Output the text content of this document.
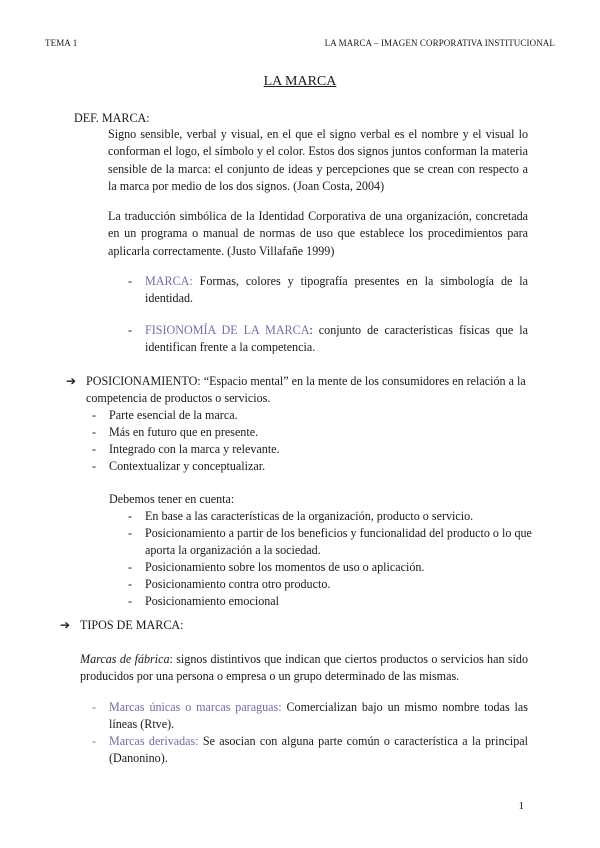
TEMA 1	LA MARCA – IMAGEN CORPORATIVA INSTITUCIONAL
LA MARCA
DEF. MARCA:
Signo sensible, verbal y visual, en el que el signo verbal es el nombre y el visual lo conforman el logo, el símbolo y el color. Estos dos signos juntos conforman la materia sensible de la marca: el conjunto de ideas y percepciones que se crean con respecto a la marca por medio de los dos signos. (Joan Costa, 2004)
La traducción simbólica de la Identidad Corporativa de una organización, concretada en un programa o manual de normas de uso que establece los procedimientos para aplicarla correctamente. (Justo Villafañe 1999)
- MARCA: Formas, colores y tipografía presentes en la simbología de la identidad.
- FISIONOMÍA DE LA MARCA: conjunto de características físicas que la identifican frente a la competencia.
➔ POSICIONAMIENTO: “Espacio mental” en la mente de los consumidores en relación a la competencia de productos o servicios.
- Parte esencial de la marca.
- Más en futuro que en presente.
- Integrado con la marca y relevante.
- Contextualizar y conceptualizar.
Debemos tener en cuenta:
- En base a las características de la organización, producto o servicio.
- Posicionamiento a partir de los beneficios y funcionalidad del producto o lo que aporta la organización a la sociedad.
- Posicionamiento sobre los momentos de uso o aplicación.
- Posicionamiento contra otro producto.
- Posicionamiento emocional
➔ TIPOS DE MARCA:
Marcas de fábrica: signos distintivos que indican que ciertos productos o servicios han sido producidos por una persona o empresa o un grupo determinado de las mismas.
- Marcas únicas o marcas paraguas: Comercializan bajo un mismo nombre todas las líneas (Rtve).
- Marcas derivadas: Se asocian con alguna parte común o característica a la principal (Danonino).
1
